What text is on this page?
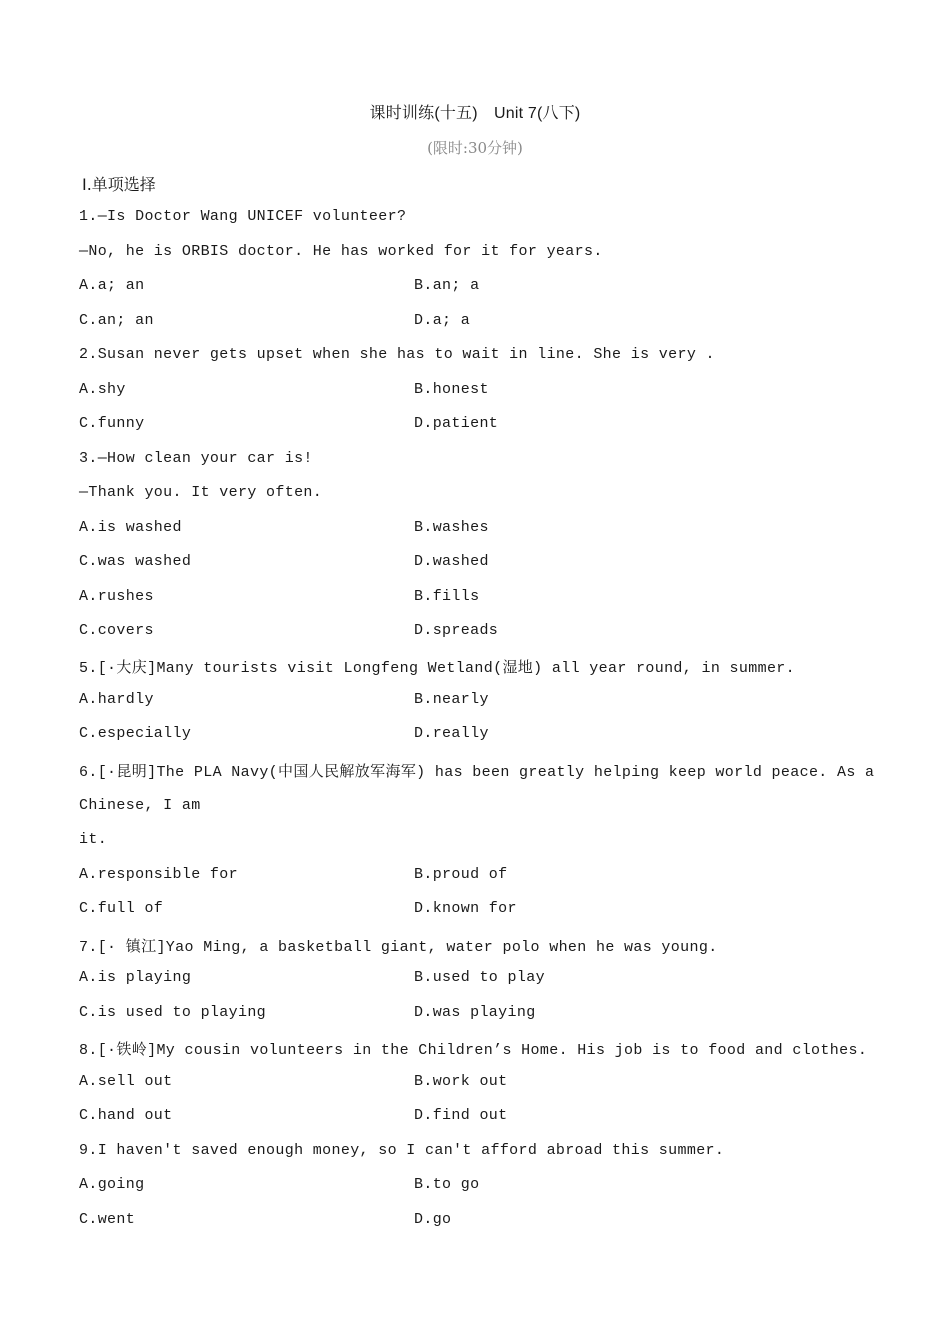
课时训练(十五)　Unit 7(八下)
(限时:30分钟)
Ⅰ.单项选择
1.—Is Doctor Wang UNICEF volunteer?
—No, he is ORBIS doctor. He has worked for it for years.
A.a; an	B.an; a
C.an; an	D.a; a
2.Susan never gets upset when she has to wait in line. She is very .
A.shy	B.honest
C.funny	D.patient
3.—How clean your car is!
—Thank you. It very often.
A.is washed	B.washes
C.was washed	D.washed
A.rushes	B.fills
C.covers	D.spreads
5.[·大庆]Many tourists visit Longfeng Wetland(湿地) all year round, in summer.
A.hardly	B.nearly
C.especially	D.really
6.[·昆明]The PLA Navy(中国人民解放军海军) has been greatly helping keep world peace. As a
Chinese, I am
it.
A.responsible for	B.proud of
C.full of	D.known for
7.[· 镇江]Yao Ming, a basketball giant, water polo when he was young.
A.is playing	B.used to play
C.is used to playing	D.was playing
8.[·铁岭]My cousin volunteers in the Children’s Home. His job is to food and clothes.
A.sell out	B.work out
C.hand out	D.find out
9.I haven't saved enough money, so I can't afford abroad this summer.
A.going	B.to go
C.went	D.go
